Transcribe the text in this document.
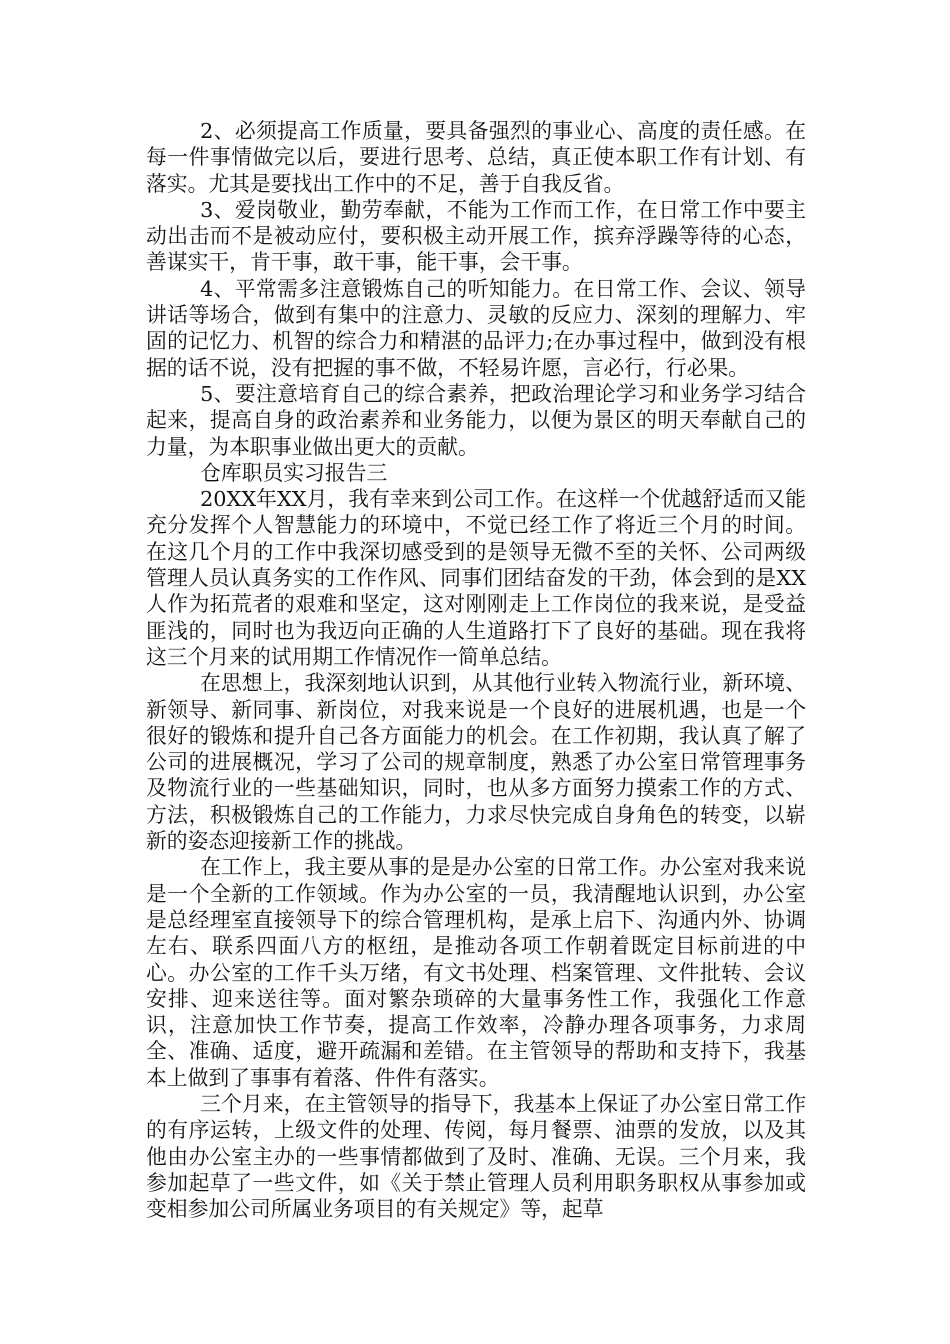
2、必须提高工作质量，要具备强烈的事业心、高度的责任感。在每一件事情做完以后，要进行思考、总结，真正使本职工作有计划、有落实。尤其是要找出工作中的不足，善于自我反省。

3、爱岗敬业，勤劳奉献，不能为工作而工作，在日常工作中要主动出击而不是被动应付，要积极主动开展工作，摈弃浮躁等待的心态，善谋实干，肯干事，敢干事，能干事，会干事。

4、平常需多注意锻炼自己的听知能力。在日常工作、会议、领导讲话等场合，做到有集中的注意力、灵敏的反应力、深刻的理解力、牢固的记忆力、机智的综合力和精湛的品评力;在办事过程中，做到没有根据的话不说，没有把握的事不做，不轻易许愿，言必行，行必果。

5、要注意培育自己的综合素养，把政治理论学习和业务学习结合起来，提高自身的政治素养和业务能力，以便为景区的明天奉献自己的力量，为本职事业做出更大的贡献。

仓库职员实习报告三

20XX年XX月，我有幸来到公司工作。在这样一个优越舒适而又能充分发挥个人智慧能力的环境中，不觉已经工作了将近三个月的时间。在这几个月的工作中我深切感受到的是领导无微不至的关怀、公司两级管理人员认真务实的工作作风、同事们团结奋发的干劲，体会到的是XX人作为拓荒者的艰难和坚定，这对刚刚走上工作岗位的我来说，是受益匪浅的，同时也为我迈向正确的人生道路打下了良好的基础。现在我将这三个月来的试用期工作情况作一简单总结。

在思想上，我深刻地认识到，从其他行业转入物流行业，新环境、新领导、新同事、新岗位，对我来说是一个良好的进展机遇，也是一个很好的锻炼和提升自己各方面能力的机会。在工作初期，我认真了解了公司的进展概况，学习了公司的规章制度，熟悉了办公室日常管理事务及物流行业的一些基础知识，同时，也从多方面努力摸索工作的方式、方法，积极锻炼自己的工作能力，力求尽快完成自身角色的转变，以崭新的姿态迎接新工作的挑战。

在工作上，我主要从事的是是办公室的日常工作。办公室对我来说是一个全新的工作领域。作为办公室的一员，我清醒地认识到，办公室是总经理室直接领导下的综合管理机构，是承上启下、沟通内外、协调左右、联系四面八方的枢纽，是推动各项工作朝着既定目标前进的中心。办公室的工作千头万绪，有文书处理、档案管理、文件批转、会议安排、迎来送往等。面对繁杂琐碎的大量事务性工作，我强化工作意识，注意加快工作节奏，提高工作效率，冷静办理各项事务，力求周全、准确、适度，避开疏漏和差错。在主管领导的帮助和支持下，我基本上做到了事事有着落、件件有落实。

三个月来，在主管领导的指导下，我基本上保证了办公室日常工作的有序运转，上级文件的处理、传阅，每月餐票、油票的发放，以及其他由办公室主办的一些事情都做到了及时、准确、无误。三个月来，我参加起草了一些文件，如《关于禁止管理人员利用职务职权从事参加或变相参加公司所属业务项目的有关规定》等，起草
